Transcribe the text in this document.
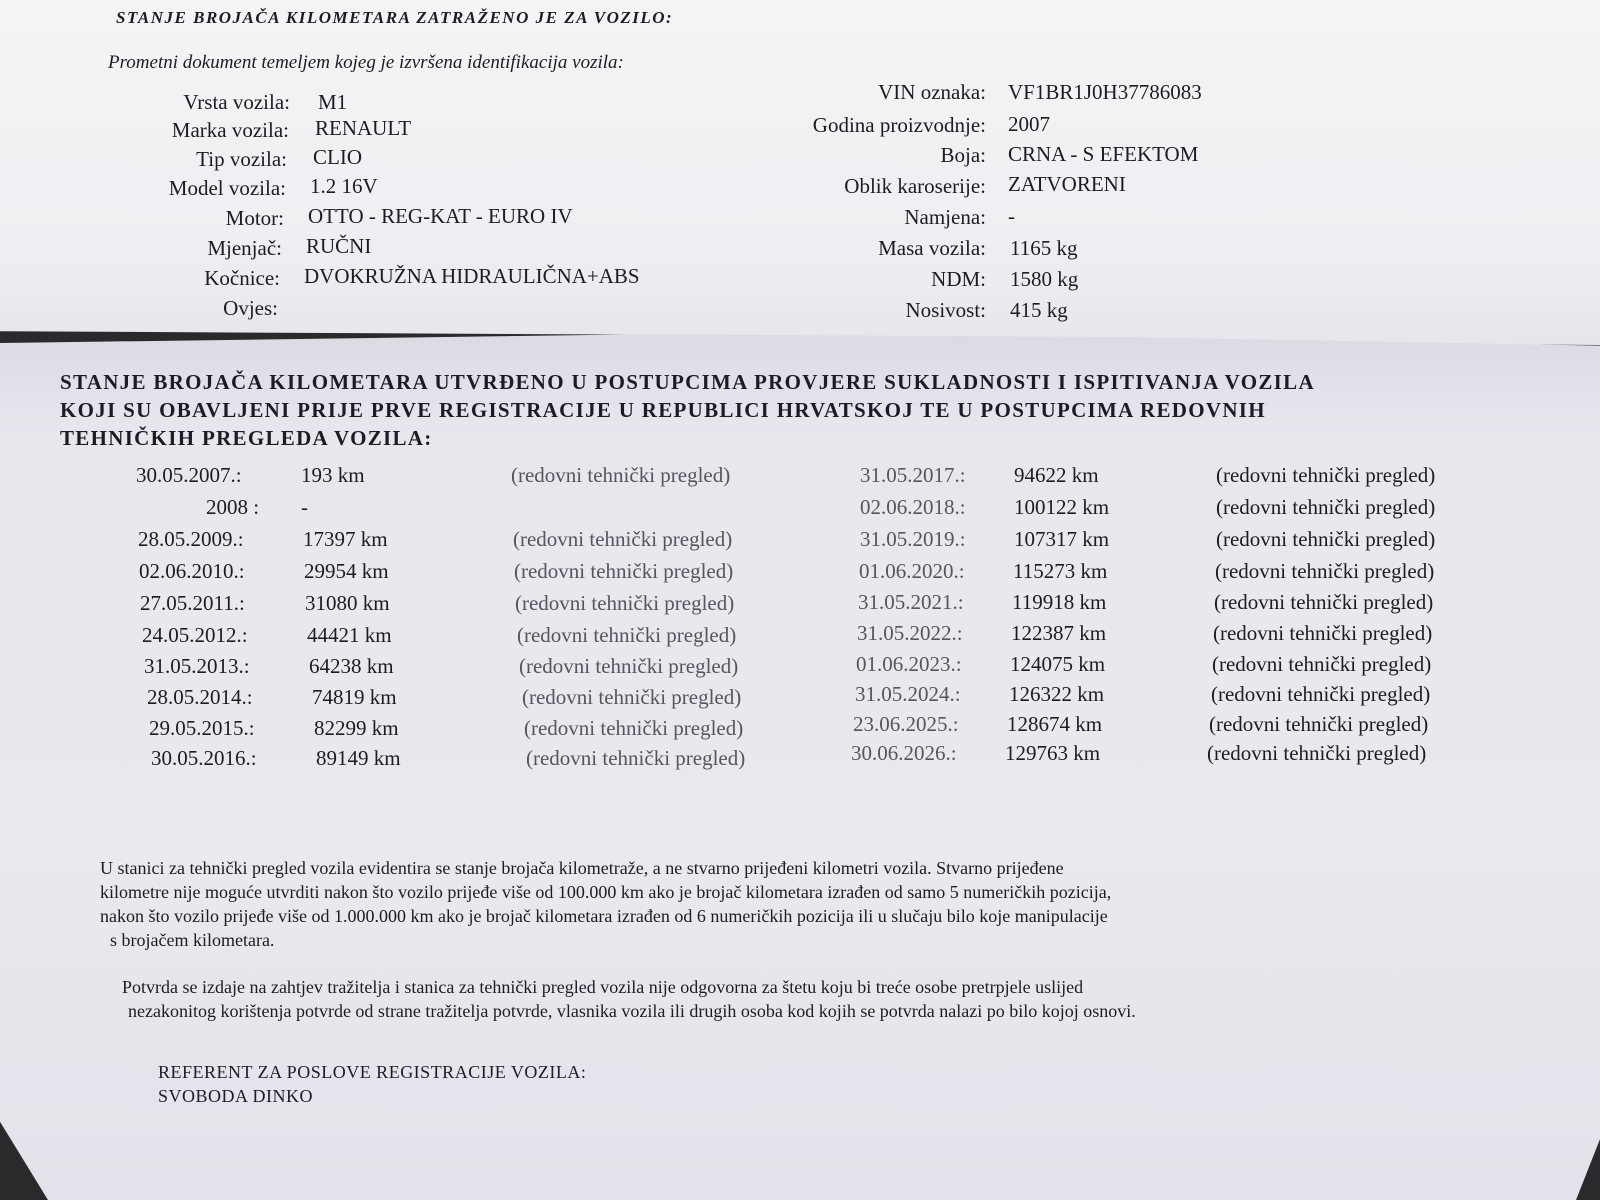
STANJE BROJAČA KILOMETARA ZATRAŽENO JE ZA VOZILO:
Prometni dokument temeljem kojeg je izvršena identifikacija vozila:
Vrsta vozila: M1
Marka vozila: RENAULT
Tip vozila: CLIO
Model vozila: 1.2 16V
Motor: OTTO - REG-KAT - EURO IV
Mjenjač: RUČNI
Kočnice: DVOKRUŽNA HIDRAULIČNA+ABS
Ovjes:
VIN oznaka: VF1BR1J0H37786083
Godina proizvodnje: 2007
Boja: CRNA - S EFEKTOM
Oblik karoserije: ZATVORENI
Namjena: -
Masa vozila: 1165 kg
NDM: 1580 kg
Nosivost: 415 kg
STANJE BROJAČA KILOMETARA UTVRĐENO U POSTUPCIMA PROVJERE SUKLADNOSTI I ISPITIVANJA VOZILA
KOJI SU OBAVLJENI PRIJE PRVE REGISTRACIJE U REPUBLICI HRVATSKOJ TE U POSTUPCIMA REDOVNIH
TEHNIČKIH PREGLEDA VOZILA:
30.05.2007.:	193 km	(redovni tehnički pregled)
2008 : -
28.05.2009.:	17397 km	(redovni tehnički pregled)
02.06.2010.:	29954 km	(redovni tehnički pregled)
27.05.2011.:	31080 km	(redovni tehnički pregled)
24.05.2012.:	44421 km	(redovni tehnički pregled)
31.05.2013.:	64238 km	(redovni tehnički pregled)
28.05.2014.:	74819 km	(redovni tehnički pregled)
29.05.2015.:	82299 km	(redovni tehnički pregled)
30.05.2016.:	89149 km	(redovni tehnički pregled)
31.05.2017.: 94622 km	(redovni tehnički pregled)
02.06.2018.: 100122 km	(redovni tehnički pregled)
31.05.2019.: 107317 km	(redovni tehnički pregled)
01.06.2020.: 115273 km	(redovni tehnički pregled)
31.05.2021.: 119918 km	(redovni tehnički pregled)
31.05.2022.: 122387 km	(redovni tehnički pregled)
01.06.2023.: 124075 km	(redovni tehnički pregled)
31.05.2024.: 126322 km	(redovni tehnički pregled)
23.06.2025.: 128674 km	(redovni tehnički pregled)
30.06.2026.: 129763 km	(redovni tehnički pregled)
U stanici za tehnički pregled vozila evidentira se stanje brojača kilometraže, a ne stvarno prijeđeni kilometri vozila. Stvarno prijeđene
kilometre nije moguće utvrditi nakon što vozilo prijeđe više od 100.000 km ako je brojač kilometara izrađen od samo 5 numeričkih pozicija,
nakon što vozilo prijeđe više od 1.000.000 km ako je brojač kilometara izrađen od 6 numeričkih pozicija ili u slučaju bilo koje manipulacije
s brojačem kilometara.
Potvrda se izdaje na zahtjev tražitelja i stanica za tehnički pregled vozila nije odgovorna za štetu koju bi treće osobe pretrpjele uslijed
nezakonitog korištenja potvrde od strane tražitelja potvrde, vlasnika vozila ili drugih osoba kod kojih se potvrda nalazi po bilo kojoj osnovi.
REFERENT ZA POSLOVE REGISTRACIJE VOZILA:
SVOBODA DINKO
